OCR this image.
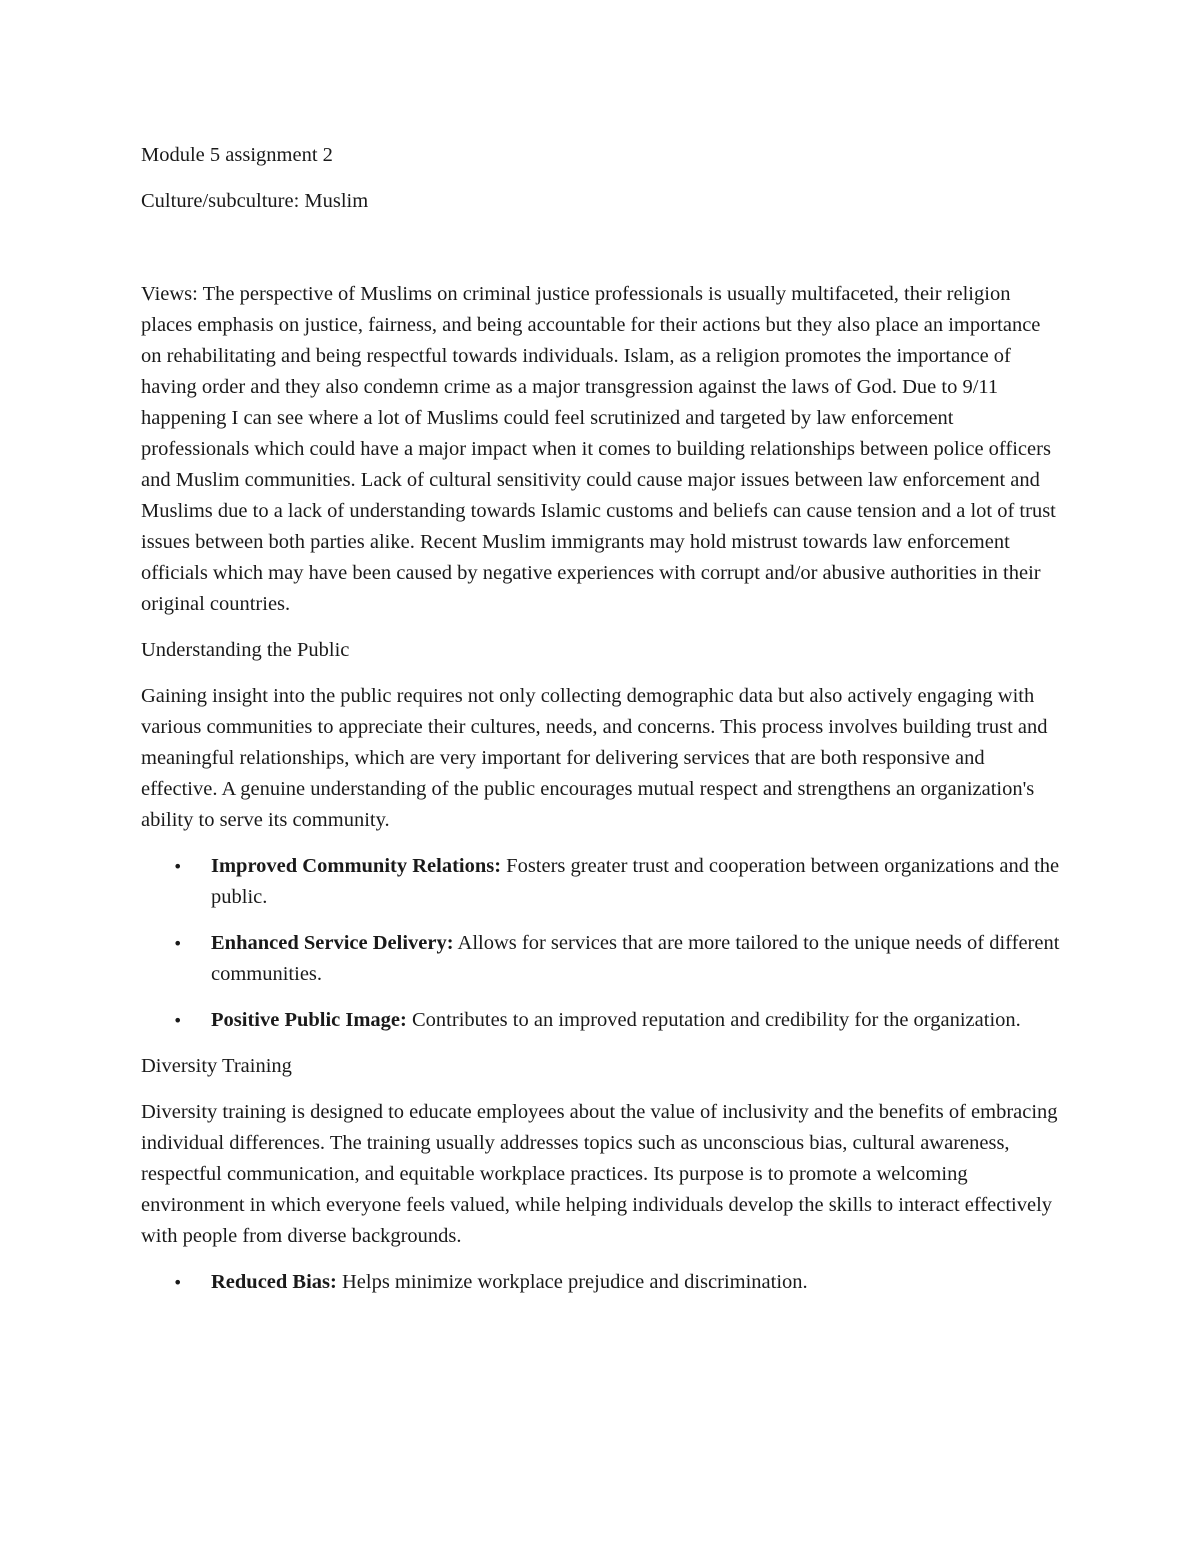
Module 5 assignment 2
Culture/subculture: Muslim

Views: The perspective of Muslims on criminal justice professionals is usually multifaceted, their religion places emphasis on justice, fairness, and being accountable for their actions but they also place an importance on rehabilitating and being respectful towards individuals. Islam, as a religion promotes the importance of having order and they also condemn crime as a major transgression against the laws of God. Due to 9/11 happening I can see where a lot of Muslims could feel scrutinized and targeted by law enforcement professionals which could have a major impact when it comes to building relationships between police officers and Muslim communities. Lack of cultural sensitivity could cause major issues between law enforcement and Muslims due to a lack of understanding towards Islamic customs and beliefs can cause tension and a lot of trust issues between both parties alike. Recent Muslim immigrants may hold mistrust towards law enforcement officials which may have been caused by negative experiences with corrupt and/or abusive authorities in their original countries.

Understanding the Public

Gaining insight into the public requires not only collecting demographic data but also actively engaging with various communities to appreciate their cultures, needs, and concerns. This process involves building trust and meaningful relationships, which are very important for delivering services that are both responsive and effective. A genuine understanding of the public encourages mutual respect and strengthens an organization's ability to serve its community.

• Improved Community Relations: Fosters greater trust and cooperation between organizations and the public.
• Enhanced Service Delivery: Allows for services that are more tailored to the unique needs of different communities.
• Positive Public Image: Contributes to an improved reputation and credibility for the organization.
Diversity Training

Diversity training is designed to educate employees about the value of inclusivity and the benefits of embracing individual differences. The training usually addresses topics such as unconscious bias, cultural awareness, respectful communication, and equitable workplace practices. Its purpose is to promote a welcoming environment in which everyone feels valued, while helping individuals develop the skills to interact effectively with people from diverse backgrounds.

• Reduced Bias: Helps minimize workplace prejudice and discrimination.
